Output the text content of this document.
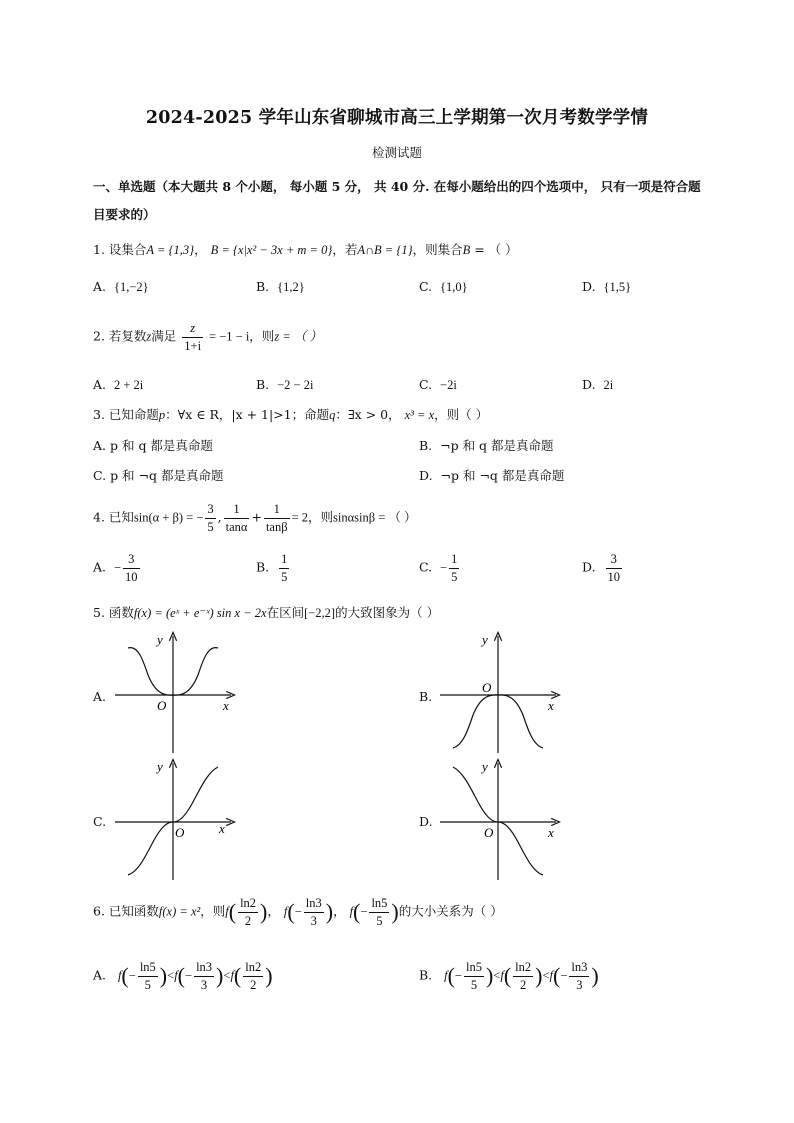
2024-2025 学年山东省聊城市高三上学期第一次月考数学学情
检测试题
一、单选题（本大题共 8 个小题， 每小题 5 分， 共 40 分. 在每小题给出的四个选项中， 只有一项是符合题目要求的）
1. 设集合A = {1,3}， B = {x|x² − 3x + m = 0}，若A∩B = {1}，则集合B = （ ）
A. {1,−2}	B. {1,2}	C. {1,0}	D. {1,5}
2. 若复数z满足 $\frac{z}{1+i} = -1 - i$，则z = （ ）
A. 2 + 2i	B. −2 − 2i	C. −2i	D. 2i
3. 已知命题p：∀x ∈ R，|x + 1|>1；命题q：∃x > 0， x³ = x，则（ ）
A. p 和 q 都是真命题	B. ¬p 和 q 都是真命题
C. p 和 ¬q 都是真命题	D. ¬p 和 ¬q 都是真命题
4. 已知sin(α + β) = − $\frac{3}{5}$ , $\frac{1}{\tan\alpha} + \frac{1}{\tan\beta} = 2$，则sinαsinβ = （ ）
A. − $\frac{3}{10}$	B. $\frac{1}{5}$	C. − $\frac{1}{5}$	D. $\frac{3}{10}$
5. 函数f(x) = (eˣ + e⁻ˣ) sin x − 2x在区间[−2,2]的大致图象为（ ）
A.	B.
C.	D.
O	x
y
O
x
y
O	x
y
O	x
y
6. 已知函数f(x) = x²，则$f( \frac{\ln 2}{2}$ )， $f(- \frac{\ln 3}{3}$ )， $f(- \frac{\ln 5}{5}$ )的大小关系为（ ）
A. $f(- \frac{\ln 5}{5} )<f(- \frac{\ln 3}{3} )<f( \frac{\ln 2}{2}$ )	B. $f(- \frac{\ln 5}{5} )<f( \frac{\ln 2}{2} )<f(- \frac{\ln 3}{3}$ )
